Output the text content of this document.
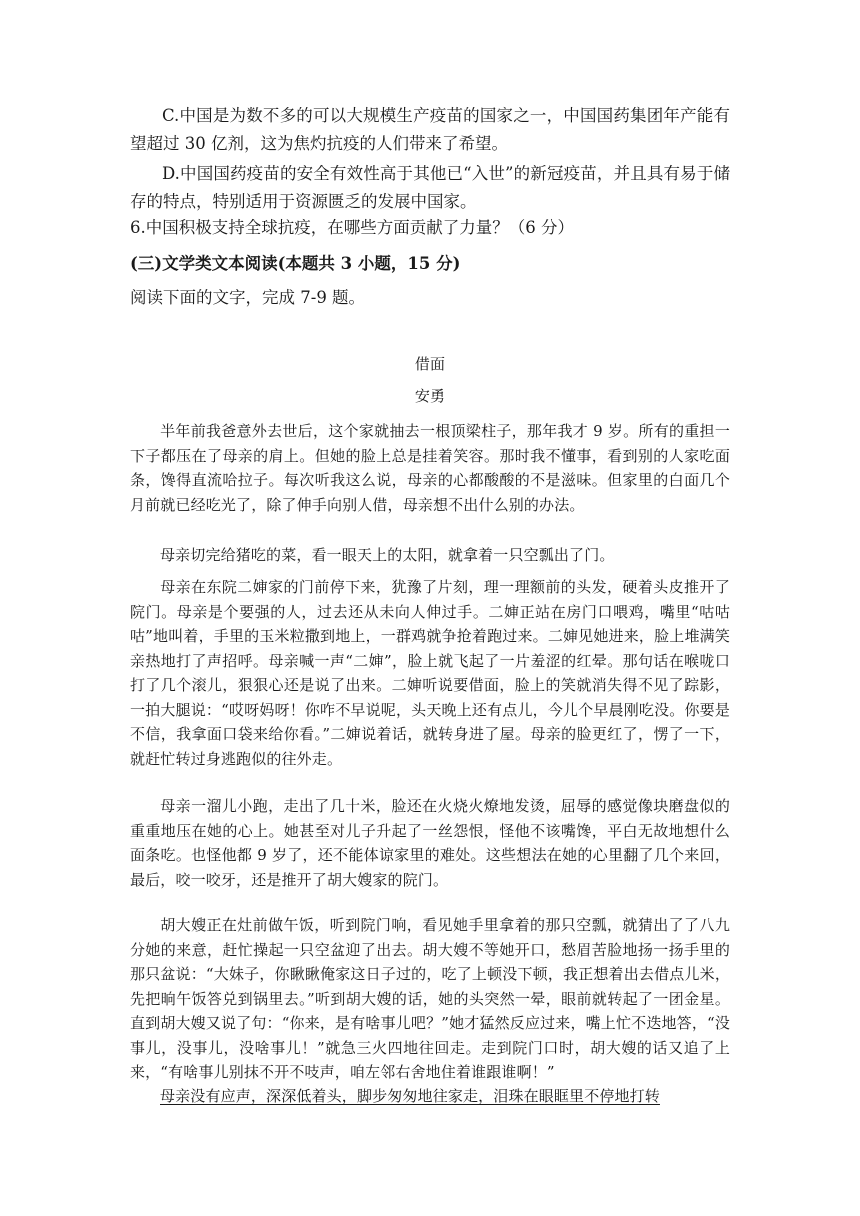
C.中国是为数不多的可以大规模生产疫苗的国家之一，中国国药集团年产能有望超过 30 亿剂，这为焦灼抗疫的人们带来了希望。
D.中国国药疫苗的安全有效性高于其他已“入世”的新冠疫苗，并且具有易于储存的特点，特别适用于资源匮乏的发展中国家。
6.中国积极支持全球抗疫，在哪些方面贡献了力量？（6 分）
(三)文学类文本阅读(本题共 3 小题，15 分)
阅读下面的文字，完成 7-9 题。
借面
安勇
半年前我爸意外去世后，这个家就抽去一根顶梁柱子，那年我才 9 岁。所有的重担一下子都压在了母亲的肩上。但她的脸上总是挂着笑容。那时我不懂事，看到别的人家吃面条，馋得直流哈拉子。每次听我这么说，母亲的心都酸酸的不是滋味。但家里的白面几个月前就已经吃光了，除了伸手向别人借，母亲想不出什么别的办法。
母亲切完给猪吃的菜，看一眼天上的太阳，就拿着一只空瓢出了门。
母亲在东院二婶家的门前停下来，犹豫了片刻，理一理额前的头发，硬着头皮推开了院门。母亲是个要强的人，过去还从未向人伸过手。二婶正站在房门口喂鸡，嘴里“咕咕咕”地叫着，手里的玉米粒撒到地上，一群鸡就争抢着跑过来。二婶见她进来，脸上堆满笑亲热地打了声招呼。母亲喊一声“二婶”，脸上就飞起了一片羞涩的红晕。那句话在喉咙口打了几个滚儿，狠狠心还是说了出来。二婶听说要借面，脸上的笑就消失得不见了踪影，一拍大腿说：“哎呀妈呀！你咋不早说呢，头天晚上还有点儿，今儿个早晨刚吃没。你要是不信，我拿面口袋来给你看。”二婶说着话，就转身进了屋。母亲的脸更红了，愣了一下，就赶忙转过身逃跑似的往外走。
母亲一溜儿小跑，走出了几十米，脸还在火烧火燎地发烫，屈辱的感觉像块磨盘似的重重地压在她的心上。她甚至对儿子升起了一丝怨恨，怪他不该嘴馋，平白无故地想什么面条吃。也怪他都 9 岁了，还不能体谅家里的难处。这些想法在她的心里翻了几个来回，最后，咬一咬牙，还是推开了胡大嫂家的院门。
胡大嫂正在灶前做午饭，听到院门响，看见她手里拿着的那只空瓢，就猜出了了八九分她的来意，赶忙操起一只空盆迎了出去。胡大嫂不等她开口，愁眉苦脸地扬一扬手里的那只盆说：“大妹子，你瞅瞅俺家这日子过的，吃了上顿没下顿，我正想着出去借点儿米，先把晌午饭答兑到锅里去。”听到胡大嫂的话，她的头突然一晕，眼前就转起了一团金星。直到胡大嫂又说了句：“你来，是有啥事儿吧？”她才猛然反应过来，嘴上忙不迭地答，“没事儿，没事儿，没啥事儿！”就急三火四地往回走。走到院门口时，胡大嫂的话又追了上来，“有啥事儿别抹不开不吱声，咱左邻右舍地住着谁跟谁啊！”
母亲没有应声，深深低着头，脚步匆匆地往家走，泪珠在眼眶里不停地打转
